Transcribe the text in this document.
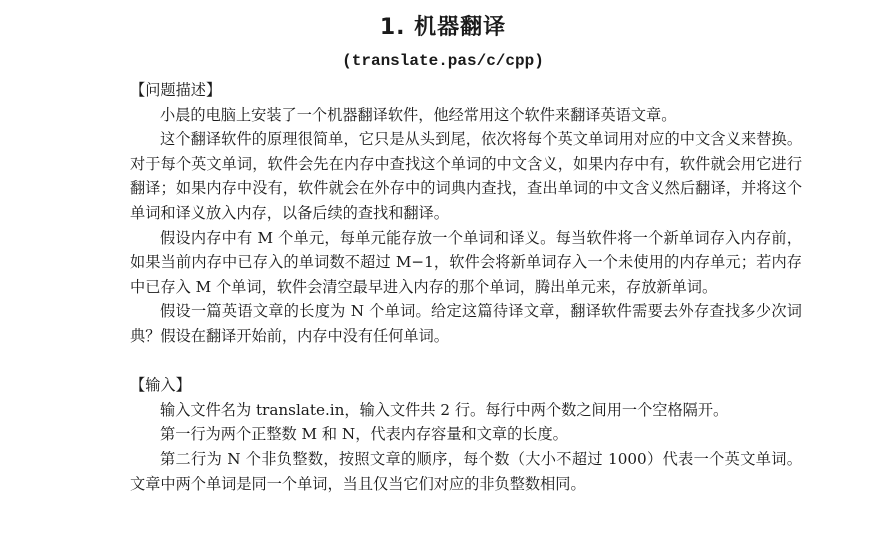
1. 机器翻译
(translate.pas/c/cpp)

【问题描述】

小晨的电脑上安装了一个机器翻译软件，他经常用这个软件来翻译英语文章。

这个翻译软件的原理很简单，它只是从头到尾，依次将每个英文单词用对应的中文含义来替换。对于每个英文单词，软件会先在内存中查找这个单词的中文含义，如果内存中有，软件就会用它进行翻译；如果内存中没有，软件就会在外存中的词典内查找，查出单词的中文含义然后翻译，并将这个单词和译义放入内存，以备后续的查找和翻译。

假设内存中有 M 个单元，每单元能存放一个单词和译义。每当软件将一个新单词存入内存前，如果当前内存中已存入的单词数不超过 M−1，软件会将新单词存入一个未使用的内存单元；若内存中已存入 M 个单词，软件会清空最早进入内存的那个单词，腾出单元来，存放新单词。

假设一篇英语文章的长度为 N 个单词。给定这篇待译文章，翻译软件需要去外存查找多少次词典？假设在翻译开始前，内存中没有任何单词。

【输入】

输入文件名为 translate.in，输入文件共 2 行。每行中两个数之间用一个空格隔开。

第一行为两个正整数 M 和 N，代表内存容量和文章的长度。

第二行为 N 个非负整数，按照文章的顺序，每个数（大小不超过 1000）代表一个英文单词。文章中两个单词是同一个单词，当且仅当它们对应的非负整数相同。
